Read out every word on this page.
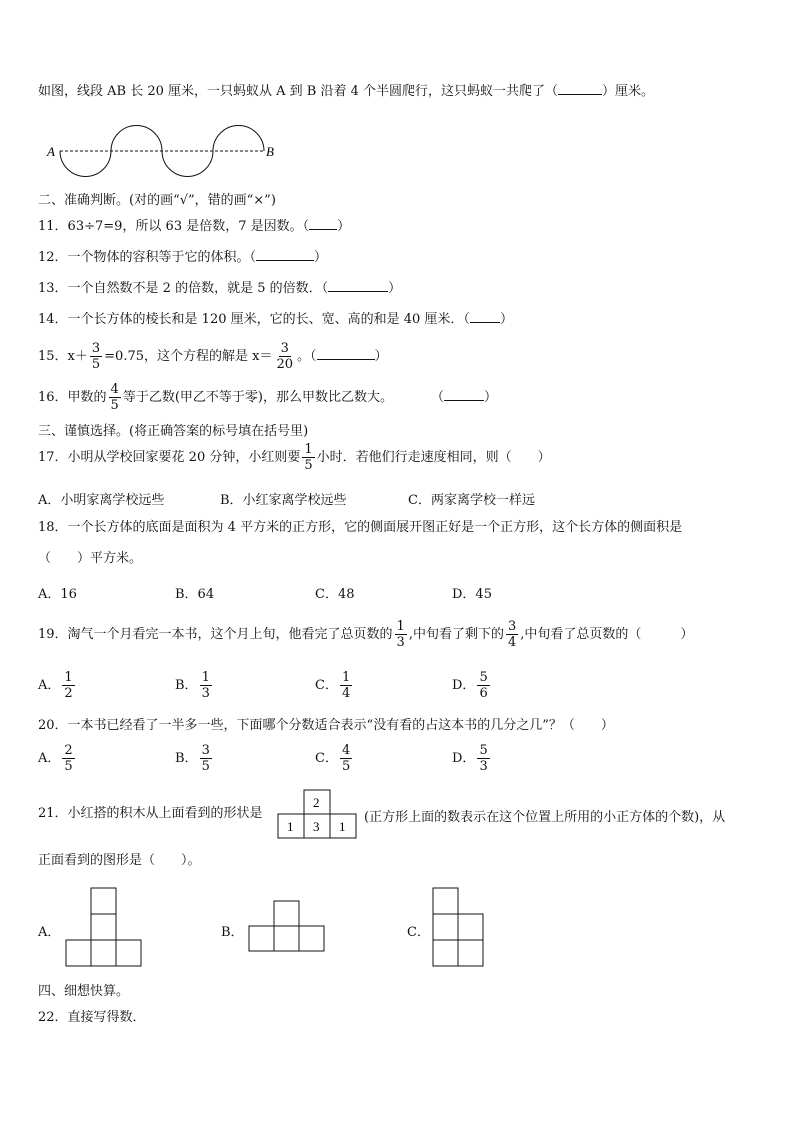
如图，线段 AB 长 20 厘米，一只蚂蚁从 A 到 B 沿着 4 个半圆爬行，这只蚂蚁一共爬了（	）厘米。
A	B
二、准确判断。(对的画“√”，错的画“×”)
11．63÷7=9，所以 63 是倍数，7 是因数。（ ）
12．一个物体的容积等于它的体积。（	）
13．一个自然数不是 2 的倍数，就是 5 的倍数．（	）
14．一个长方体的棱长和是 120 厘米，它的长、宽、高的和是 40 厘米．（ ）
15．$x+ \frac{3}{5} =0.75$，这个方程的解是 $x= \frac{3}{20}$ 。（	）
16．甲数的 $\frac{4}{5}$ 等于乙数(甲乙不等于零)，那么甲数比乙数大。	（	）
三、谨慎选择。(将正确答案的标号填在括号里)
17．小明从学校回家要花 20 分钟，小红则要 $\frac{1}{5}$ 小时．若他们行走速度相同，则（　　）
A．小明家离学校远些	B．小红家离学校远些	C．两家离学校一样远
18．一个长方体的底面是面积为 4 平方米的正方形，它的侧面展开图正好是一个正方形，这个长方体的侧面积是
（　　）平方米。
A．16	B．64	C．48	D．45
19．淘气一个月看完一本书，这个月上旬，他看完了总页数的 $\frac{1}{3}$ ,中旬看了剩下的 $\frac{3}{4}$ ,中旬看了总页数的（　　　）
A． $\frac{1}{2}$	B． $\frac{1}{3}$	C． $\frac{1}{4}$	D． $\frac{5}{6}$
20．一本书已经看了一半多一些，下面哪个分数适合表示“没有看的占这本书的几分之几”？（　　）
A． $\frac{2}{5}$	B． $\frac{3}{5}$	C． $\frac{4}{5}$	D． $\frac{5}{3}$
21．小红搭的积木从上面看到的形状是
2
1 3 1
(正方形上面的数表示在这个位置上所用的小正方体的个数)，从
正面看到的图形是（　　）。
A．	B．	C．
四、细想快算。
22．直接写得数．
